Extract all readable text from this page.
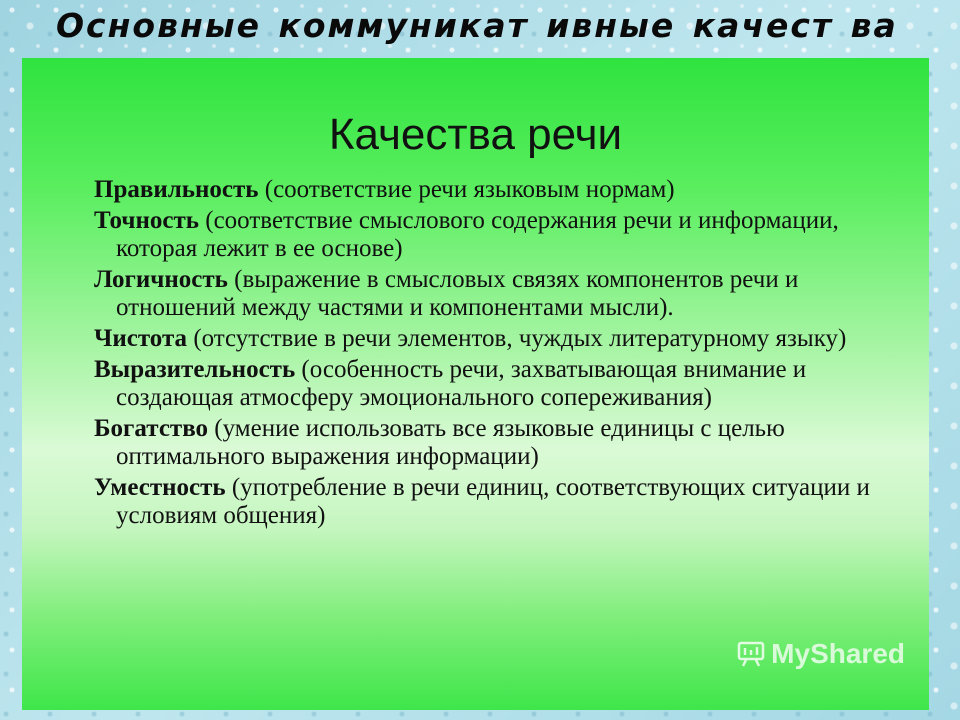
Основные коммуникат ивные качест ва
Качества речи
Правильность (соответствие речи языковым нормам)
Точность (соответствие смыслового содержания речи и информации, которая лежит в ее основе)
Логичность (выражение в смысловых связях компонентов речи и отношений между частями и компонентами мысли).
Чистота (отсутствие в речи элементов, чуждых литературному языку)
Выразительность (особенность речи, захватывающая внимание и создающая атмосферу эмоционального сопереживания)
Богатство (умение использовать все языковые единицы с целью оптимального выражения информации)
Уместность (употребление в речи единиц, соответствующих ситуации и условиям общения)
MyShared
